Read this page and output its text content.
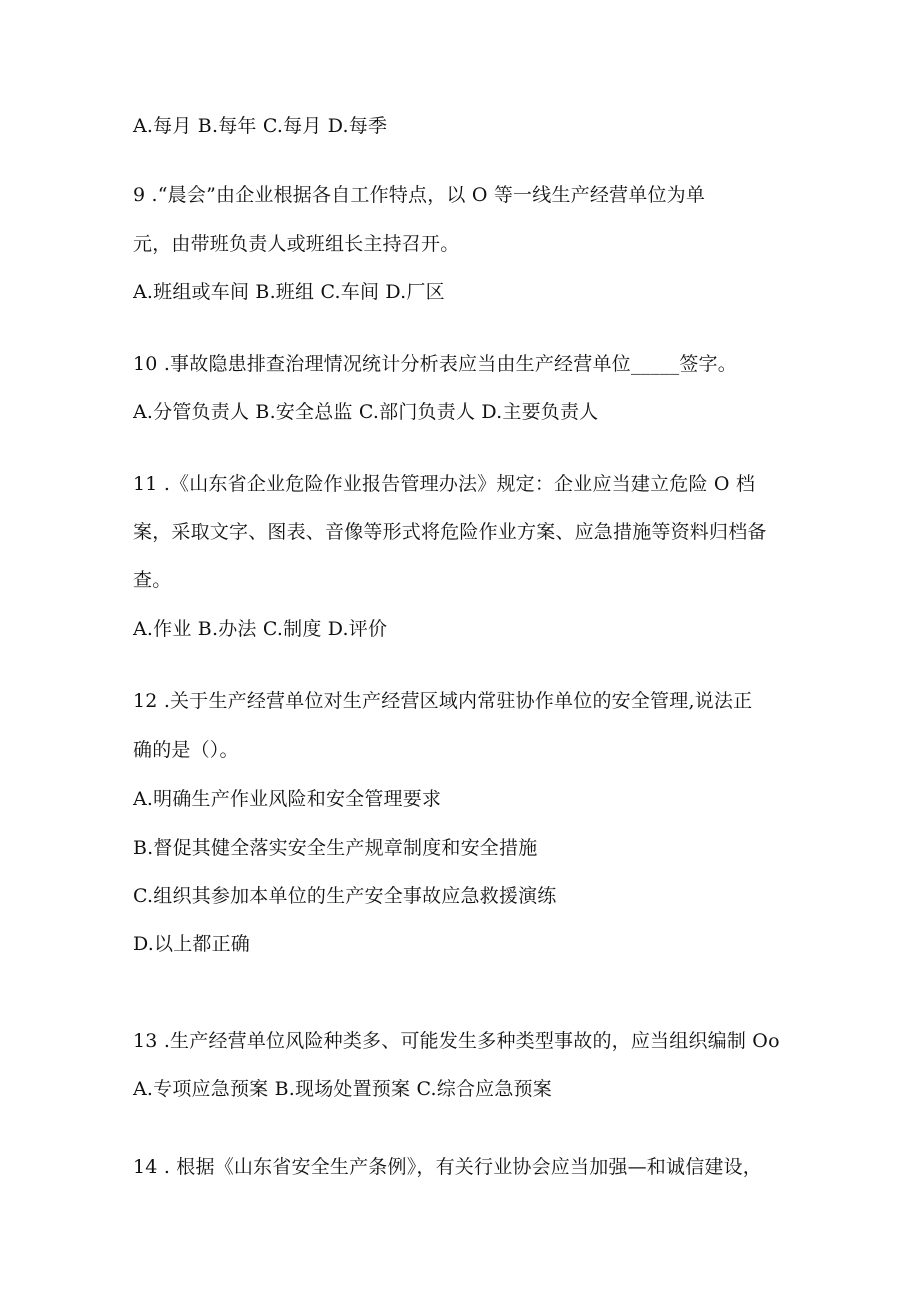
A.每月 B.每年 C.每月 D.每季
9 .“晨会”由企业根据各自工作特点，以 O 等一线生产经营单位为单
元，由带班负责人或班组长主持召开。
A.班组或车间 B.班组 C.车间 D.厂区
10 .事故隐患排查治理情况统计分析表应当由生产经营单位_____签字。
A.分管负责人 B.安全总监 C.部门负责人 D.主要负责人
11 .《山东省企业危险作业报告管理办法》规定：企业应当建立危险 O 档
案，采取文字、图表、音像等形式将危险作业方案、应急措施等资料归档备
查。
A.作业 B.办法 C.制度 D.评价
12 .关于生产经营单位对生产经营区域内常驻协作单位的安全管理,说法正
确的是（）。
A.明确生产作业风险和安全管理要求
B.督促其健全落实安全生产规章制度和安全措施
C.组织其参加本单位的生产安全事故应急救援演练
D.以上都正确
13 .生产经营单位风险种类多、可能发生多种类型事故的，应当组织编制 Oo
A.专项应急预案 B.现场处置预案 C.综合应急预案
14 . 根据《山东省安全生产条例》，有关行业协会应当加强—和诚信建设，
